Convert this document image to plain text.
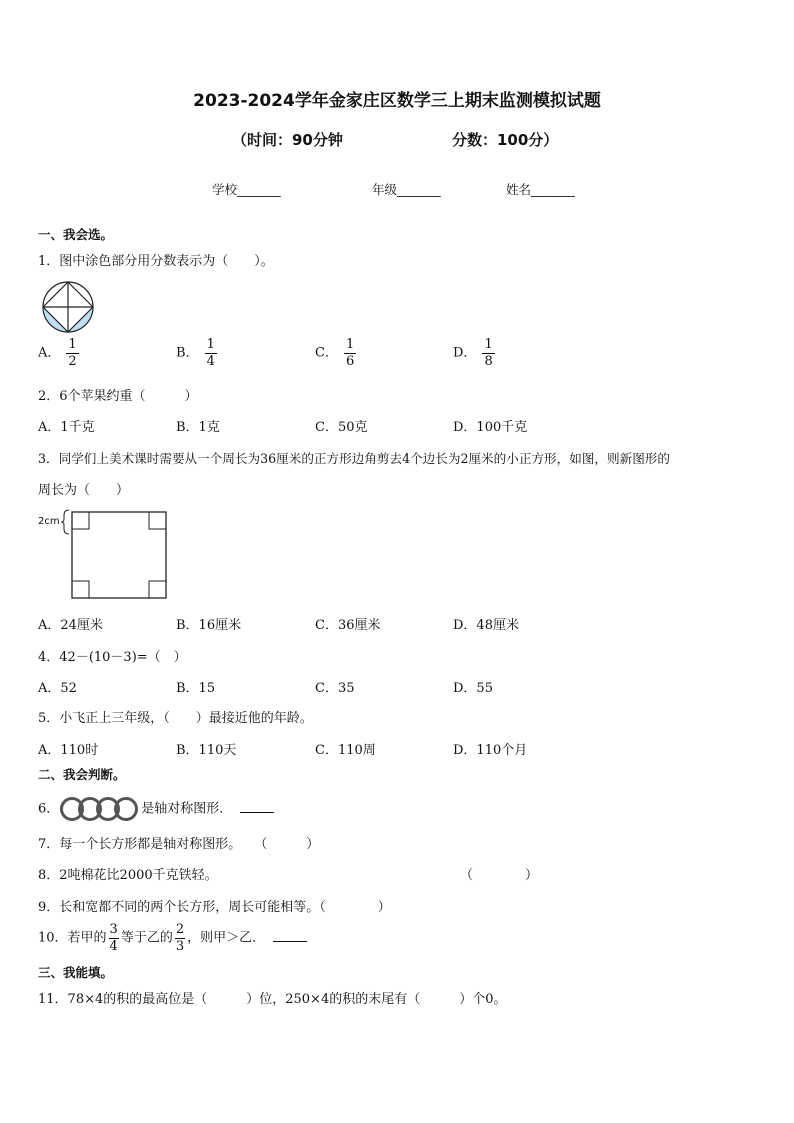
2023-2024学年金家庄区数学三上期末监测模拟试题
（时间：90分钟	分数：100分）
学校_______	年级_______	姓名_______
一、我会选。
1．图中涂色部分用分数表示为（　　）。
A． $\frac{1}{2}$	B． $\frac{1}{4}$	C． $\frac{1}{6}$	D． $\frac{1}{8}$
2．6个苹果约重（　　　）
A．1千克	B．1克	C．50克	D．100千克
3．同学们上美术课时需要从一个周长为36厘米的正方形边角剪去4个边长为2厘米的小正方形，如图，则新图形的
周长为（　　）
2cm
A．24厘米	B．16厘米	C．36厘米	D．48厘米
4．42－(10－3)=（　）
A．52	B．15	C．35	D．55
5．小飞正上三年级，（　　）最接近他的年龄。
A．110时	B．110天	C．110周	D．110个月
二、我会判断。
6．	是轴对称图形．
7．每一个长方形都是轴对称图形。　　（　　　）
8．2吨棉花比2000千克铁轻。	（　　　　）
9．长和宽都不同的两个长方形，周长可能相等。（　　　　）
10．若甲的 $\frac{3}{4}$ 等于乙的 $\frac{2}{3}$ ，则甲＞乙．
三、我能填。
11．78×4的积的最高位是（　　　）位，250×4的积的末尾有（　　　）个0。
